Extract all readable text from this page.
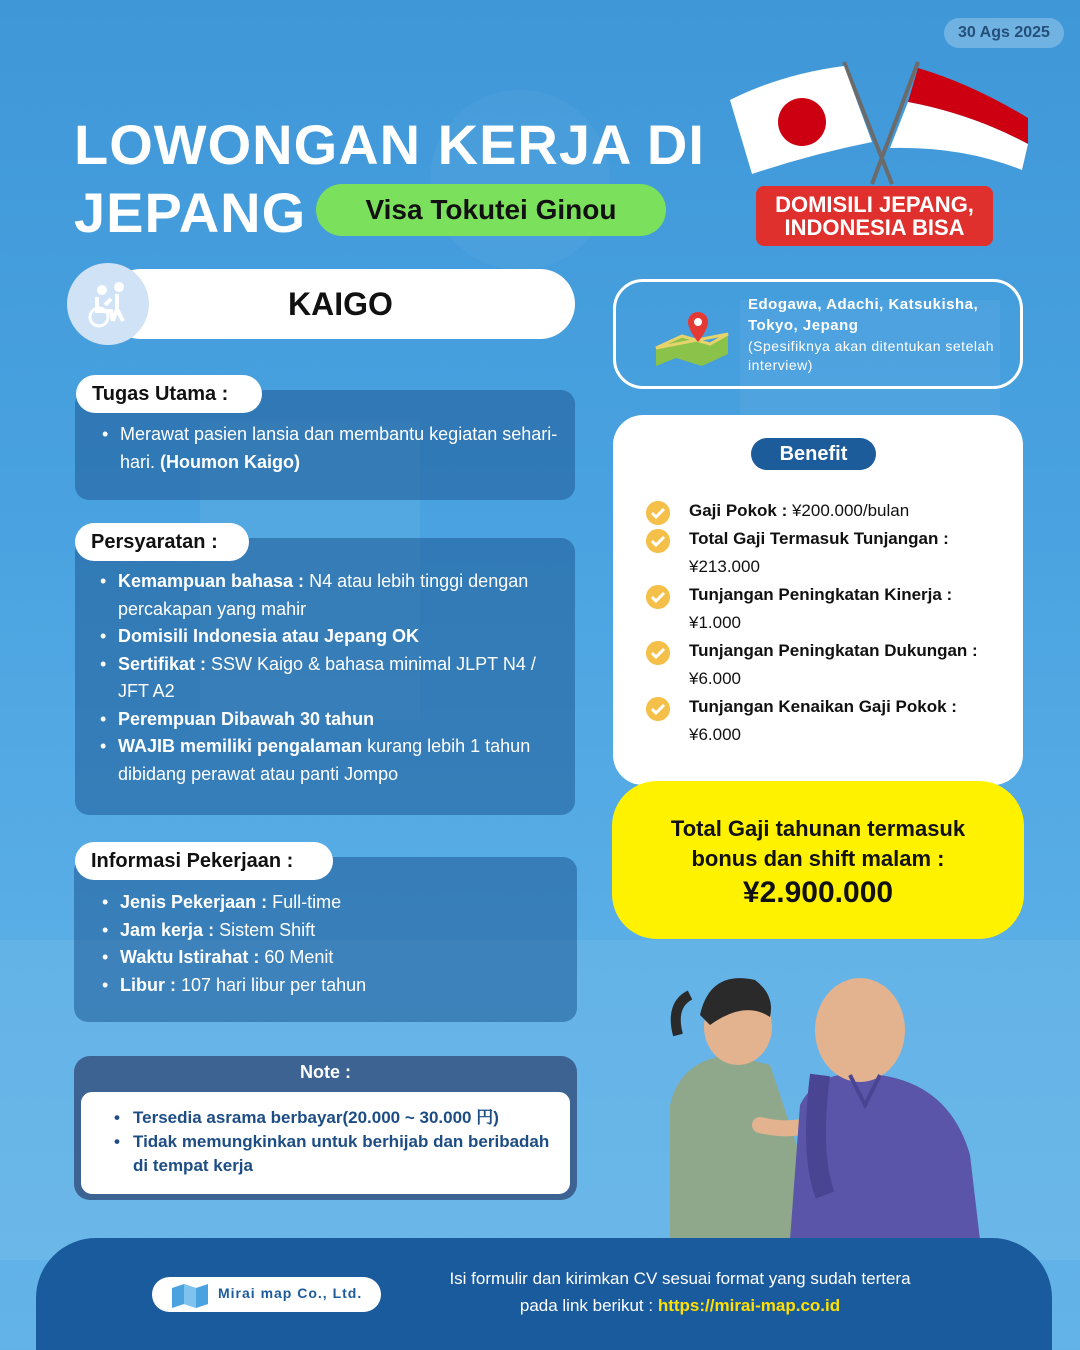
30 Ags 2025
LOWONGAN KERJA DI
JEPANG	Visa Tokutei Ginou	DOMISILI JEPANG,
INDONESIA BISA
KAIGO	Edogawa, Adachi, Katsukisha, Tokyo, Jepang
(Spesifiknya akan ditentukan setelah interview)
Tugas Utama :
• Merawat pasien lansia dan membantu kegiatan sehari-hari. (Houmon Kaigo)
Persyaratan :
• Kemampuan bahasa : N4 atau lebih tinggi dengan percakapan yang mahir
• Domisili Indonesia atau Jepang OK
• Sertifikat : SSW Kaigo & bahasa minimal JLPT N4 / JFT A2
• Perempuan Dibawah 30 tahun
• WAJIB memiliki pengalaman kurang lebih 1 tahun dibidang perawat atau panti Jompo
Informasi Pekerjaan :
• Jenis Pekerjaan : Full-time
• Jam kerja : Sistem Shift
• Waktu Istirahat : 60 Menit
• Libur : 107 hari libur per tahun
Note :
• Tersedia asrama berbayar(20.000 ~ 30.000 円)
• Tidak memungkinkan untuk berhijab dan beribadah di tempat kerja
Benefit
Gaji Pokok : ¥200.000/bulan
Total Gaji Termasuk Tunjangan : ¥213.000
Tunjangan Peningkatan Kinerja : ¥1.000
Tunjangan Peningkatan Dukungan : ¥6.000
Tunjangan Kenaikan Gaji Pokok : ¥6.000
Total Gaji tahunan termasuk
bonus dan shift malam :
¥2.900.000
Mirai map Co., Ltd.
Isi formulir dan kirimkan CV sesuai format yang sudah tertera
pada link berikut : https://mirai-map.co.id
